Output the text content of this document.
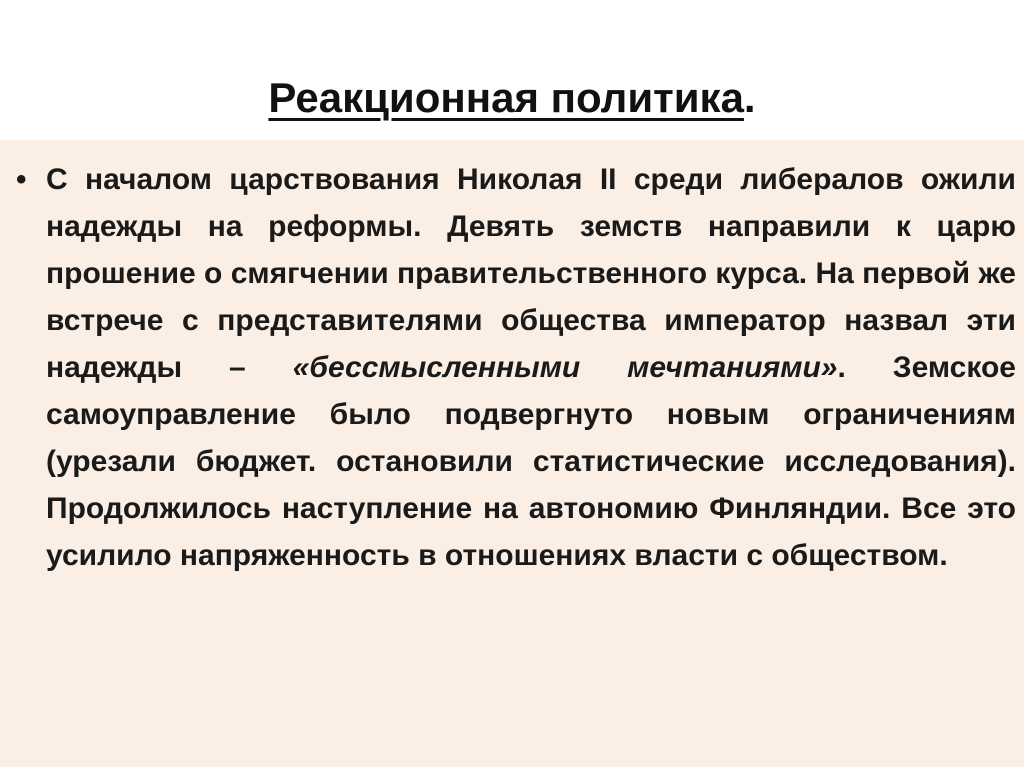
Реакционная политика.
• С началом царствования Николая II среди либералов ожили надежды на реформы. Девять земств направили к царю прошение о смягчении правительственного курса. На первой же встрече с представителями общества император назвал эти надежды – «бессмысленными мечтаниями». Земское самоуправление было подвергнуто новым ограничениям (урезали бюджет. остановили статистические исследования). Продолжилось наступление на автономию Финляндии. Все это усилило напряженность в отношениях власти с обществом.
